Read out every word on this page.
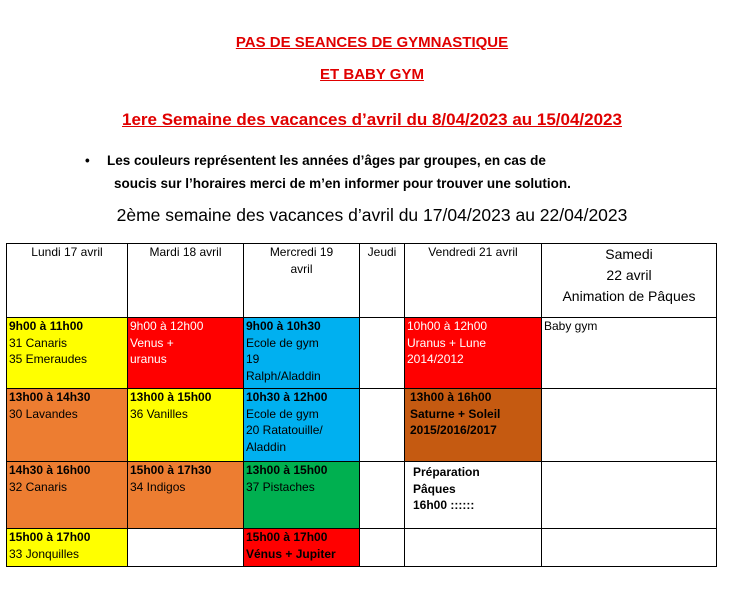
PAS DE SEANCES DE GYMNASTIQUE
ET BABY GYM
1ere Semaine des vacances d’avril du 8/04/2023 au 15/04/2023
• Les couleurs représentent les années d’âges par groupes, en cas de
soucis sur l’horaires merci de m’en informer pour trouver une solution.
2ème semaine des vacances d’avril du 17/04/2023 au 22/04/2023
Lundi 17 avril	Mardi 18 avril	Mercredi 19
avril	Jeudi	Vendredi 21 avril	Samedi
22 avril
Animation de Pâques

9h00 à 11h00
31 Canaris
35 Emeraudes	9h00 à 12h00
Venus +
uranus	9h00 à 10h30
Ecole de gym
19
Ralph/Aladdin		10h00 à 12h00
Uranus + Lune
2014/2012	Baby gym

13h00 à 14h30
30 Lavandes	13h00 à 15h00
36 Vanilles	10h30 à 12h00
Ecole de gym
20 Ratatouille/
Aladdin		13h00 à 16h00
Saturne + Soleil
2015/2016/2017	

14h30 à 16h00
32 Canaris	15h00 à 17h30
34 Indigos	13h00 à 15h00
37 Pistaches		Préparation
Pâques
16h00 ::::::	

15h00 à 17h00
33 Jonquilles		15h00 à 17h00
Vénus + Jupiter			
